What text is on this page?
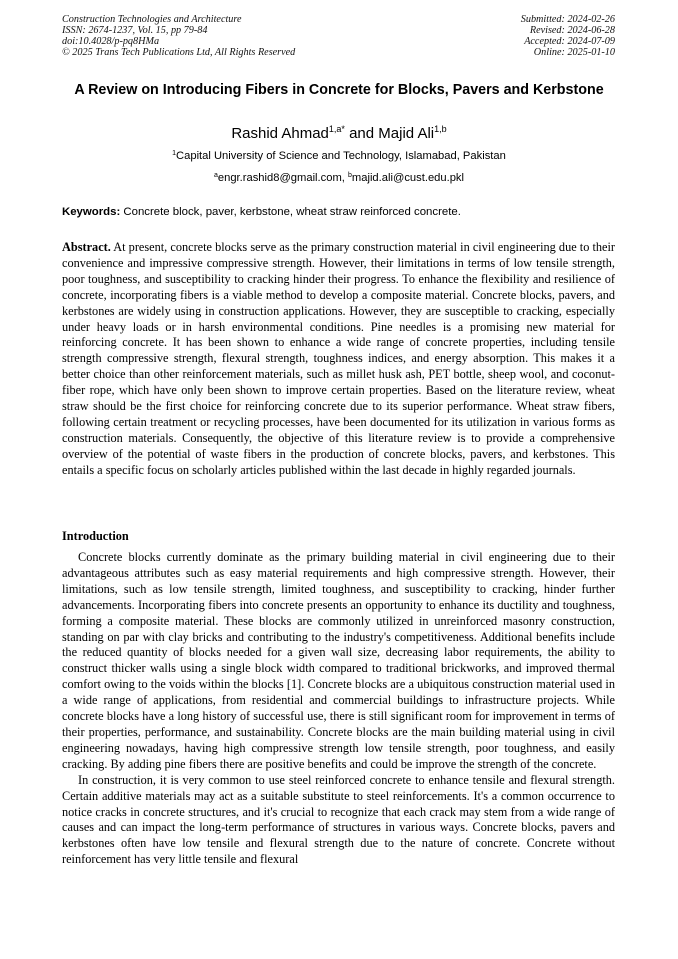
Construction Technologies and Architecture
ISSN: 2674-1237, Vol. 15, pp 79-84
doi:10.4028/p-pq8HMa
© 2025 Trans Tech Publications Ltd, All Rights Reserved
Submitted: 2024-02-26
Revised: 2024-06-28
Accepted: 2024-07-09
Online: 2025-01-10
A Review on Introducing Fibers in Concrete for Blocks, Pavers and Kerbstone
Rashid Ahmad$^{1,a*}$ and Majid Ali$^{1,b}$
$^1$Capital University of Science and Technology, Islamabad, Pakistan
$^a$engr.rashid8@gmail.com, $^b$majid.ali@cust.edu.pkl
Keywords: Concrete block, paver, kerbstone, wheat straw reinforced concrete.
Abstract. At present, concrete blocks serve as the primary construction material in civil engineering due to their convenience and impressive compressive strength. However, their limitations in terms of low tensile strength, poor toughness, and susceptibility to cracking hinder their progress. To enhance the flexibility and resilience of concrete, incorporating fibers is a viable method to develop a composite material. Concrete blocks, pavers, and kerbstones are widely using in construction applications. However, they are susceptible to cracking, especially under heavy loads or in harsh environmental conditions. Pine needles is a promising new material for reinforcing concrete. It has been shown to enhance a wide range of concrete properties, including tensile strength compressive strength, flexural strength, toughness indices, and energy absorption. This makes it a better choice than other reinforcement materials, such as millet husk ash, PET bottle, sheep wool, and coconut-fiber rope, which have only been shown to improve certain properties. Based on the literature review, wheat straw should be the first choice for reinforcing concrete due to its superior performance. Wheat straw fibers, following certain treatment or recycling processes, have been documented for its utilization in various forms as construction materials. Consequently, the objective of this literature review is to provide a comprehensive overview of the potential of waste fibers in the production of concrete blocks, pavers, and kerbstones. This entails a specific focus on scholarly articles published within the last decade in highly regarded journals.
Introduction

Concrete blocks currently dominate as the primary building material in civil engineering due to their advantageous attributes such as easy material requirements and high compressive strength. However, their limitations, such as low tensile strength, limited toughness, and susceptibility to cracking, hinder further advancements. Incorporating fibers into concrete presents an opportunity to enhance its ductility and toughness, forming a composite material. These blocks are commonly utilized in unreinforced masonry construction, standing on par with clay bricks and contributing to the industry's competitiveness. Additional benefits include the reduced quantity of blocks needed for a given wall size, decreasing labor requirements, the ability to construct thicker walls using a single block width compared to traditional brickworks, and improved thermal comfort owing to the voids within the blocks [1]. Concrete blocks are a ubiquitous construction material used in a wide range of applications, from residential and commercial buildings to infrastructure projects. While concrete blocks have a long history of successful use, there is still significant room for improvement in terms of their properties, performance, and sustainability. Concrete blocks are the main building material using in civil engineering nowadays, having high compressive strength low tensile strength, poor toughness, and easily cracking. By adding pine fibers there are positive benefits and could be improve the strength of the concrete.

In construction, it is very common to use steel reinforced concrete to enhance tensile and flexural strength. Certain additive materials may act as a suitable substitute to steel reinforcements. It's a common occurrence to notice cracks in concrete structures, and it's crucial to recognize that each crack may stem from a wide range of causes and can impact the long-term performance of structures in various ways. Concrete blocks, pavers and kerbstones often have low tensile and flexural strength due to the nature of concrete. Concrete without reinforcement has very little tensile and flexural
